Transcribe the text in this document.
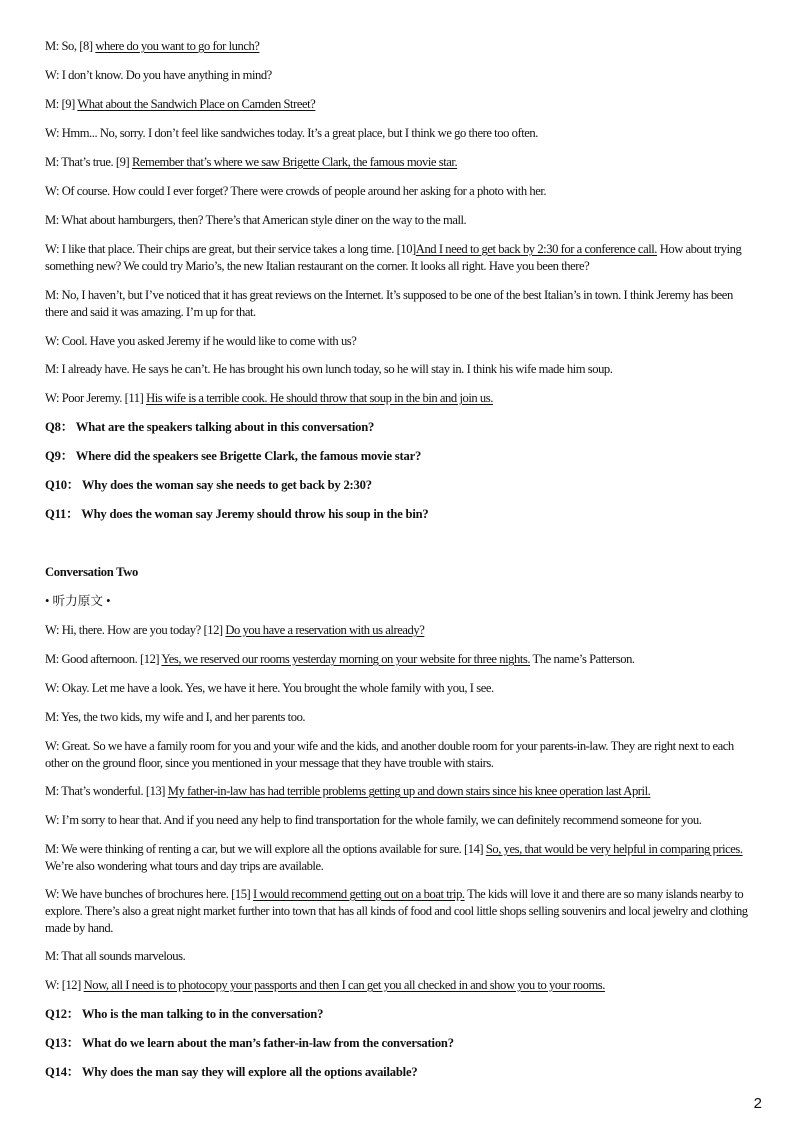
M: So, [8] where do you want to go for lunch?
W: I don’t know. Do you have anything in mind?
M: [9] What about the Sandwich Place on Camden Street?
W: Hmm... No, sorry. I don’t feel like sandwiches today. It’s a great place, but I think we go there too often.
M: That’s true. [9] Remember that’s where we saw Brigette Clark, the famous movie star.
W: Of course. How could I ever forget? There were crowds of people around her asking for a photo with her.
M: What about hamburgers, then? There’s that American style diner on the way to the mall.
W: I like that place. Their chips are great, but their service takes a long time. [10]And I need to get back by 2:30 for a conference call. How about trying something new? We could try Mario’s, the new Italian restaurant on the corner. It looks all right. Have you been there?
M: No, I haven’t, but I’ve noticed that it has great reviews on the Internet. It’s supposed to be one of the best Italian’s in town. I think Jeremy has been there and said it was amazing. I’m up for that.
W: Cool. Have you asked Jeremy if he would like to come with us?
M: I already have. He says he can’t. He has brought his own lunch today, so he will stay in. I think his wife made him soup.
W: Poor Jeremy. [11] His wife is a terrible cook. He should throw that soup in the bin and join us.
Q8： What are the speakers talking about in this conversation?
Q9： Where did the speakers see Brigette Clark, the famous movie star?
Q10： Why does the woman say she needs to get back by 2:30?
Q11： Why does the woman say Jeremy should throw his soup in the bin?
Conversation Two
• 听力原文 •
W: Hi, there. How are you today? [12] Do you have a reservation with us already?
M: Good afternoon. [12] Yes, we reserved our rooms yesterday morning on your website for three nights. The name’s Patterson.
W: Okay. Let me have a look. Yes, we have it here. You brought the whole family with you, I see.
M: Yes, the two kids, my wife and I, and her parents too.
W: Great. So we have a family room for you and your wife and the kids, and another double room for your parents-in-law. They are right next to each other on the ground floor, since you mentioned in your message that they have trouble with stairs.
M: That’s wonderful. [13] My father-in-law has had terrible problems getting up and down stairs since his knee operation last April.
W: I’m sorry to hear that. And if you need any help to find transportation for the whole family, we can definitely recommend someone for you.
M: We were thinking of renting a car, but we will explore all the options available for sure. [14] So, yes, that would be very helpful in comparing prices. We’re also wondering what tours and day trips are available.
W: We have bunches of brochures here. [15] I would recommend getting out on a boat trip. The kids will love it and there are so many islands nearby to explore. There’s also a great night market further into town that has all kinds of food and cool little shops selling souvenirs and local jewelry and clothing made by hand.
M: That all sounds marvelous.
W: [12] Now, all I need is to photocopy your passports and then I can get you all checked in and show you to your rooms.
Q12： Who is the man talking to in the conversation?
Q13： What do we learn about the man’s father-in-law from the conversation?
Q14： Why does the man say they will explore all the options available?
2
